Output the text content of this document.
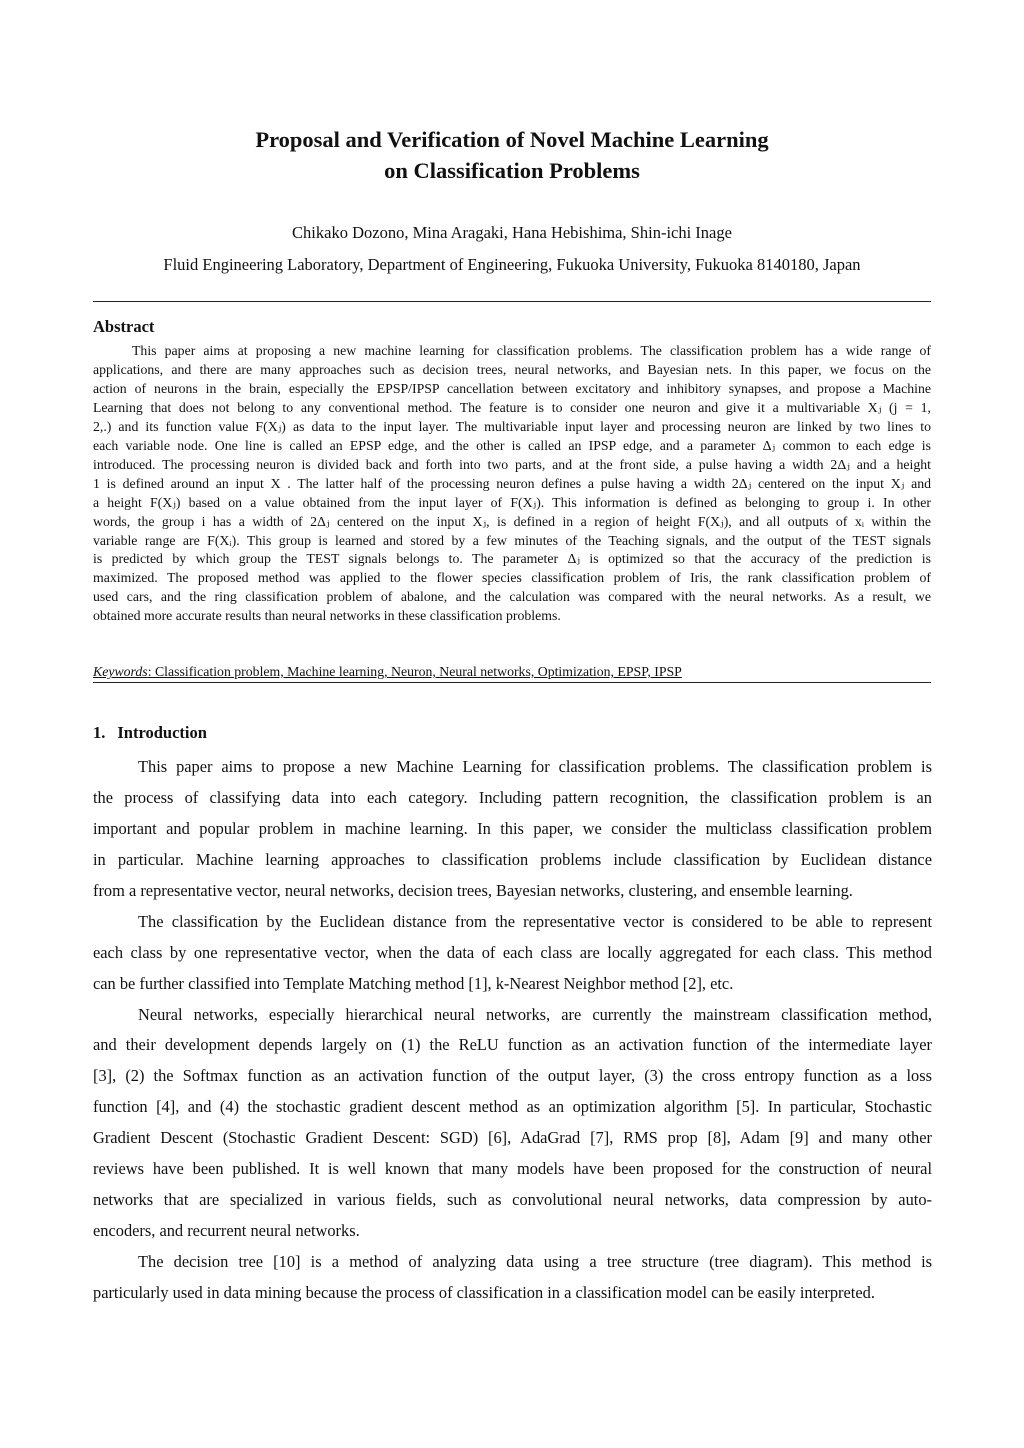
Proposal and Verification of Novel Machine Learning
on Classification Problems
Chikako Dozono, Mina Aragaki, Hana Hebishima, Shin-ichi Inage
Fluid Engineering Laboratory, Department of Engineering, Fukuoka University, Fukuoka 8140180, Japan
Abstract
This paper aims at proposing a new machine learning for classification problems. The classification problem has a wide range of
applications, and there are many approaches such as decision trees, neural networks, and Bayesian nets. In this paper, we focus on the
action of neurons in the brain, especially the EPSP/IPSP cancellation between excitatory and inhibitory synapses, and propose a Machine
Learning that does not belong to any conventional method. The feature is to consider one neuron and give it a multivariable Xⱼ (j = 1,
2,.) and its function value F(Xⱼ) as data to the input layer. The multivariable input layer and processing neuron are linked by two lines to
each variable node. One line is called an EPSP edge, and the other is called an IPSP edge, and a parameter Δⱼ common to each edge is
introduced. The processing neuron is divided back and forth into two parts, and at the front side, a pulse having a width 2Δⱼ and a height
1 is defined around an input X . The latter half of the processing neuron defines a pulse having a width 2Δⱼ centered on the input Xⱼ and
a height F(Xⱼ) based on a value obtained from the input layer of F(Xⱼ). This information is defined as belonging to group i. In other
words, the group i has a width of 2Δⱼ centered on the input Xⱼ, is defined in a region of height F(Xⱼ), and all outputs of xᵢ within the
variable range are F(Xᵢ). This group is learned and stored by a few minutes of the Teaching signals, and the output of the TEST signals
is predicted by which group the TEST signals belongs to. The parameter Δⱼ is optimized so that the accuracy of the prediction is
maximized. The proposed method was applied to the flower species classification problem of Iris, the rank classification problem of
used cars, and the ring classification problem of abalone, and the calculation was compared with the neural networks. As a result, we
obtained more accurate results than neural networks in these classification problems.
Keywords: Classification problem, Machine learning, Neuron, Neural networks, Optimization, EPSP, IPSP
1. Introduction
This paper aims to propose a new Machine Learning for classification problems. The classification problem is
the process of classifying data into each category. Including pattern recognition, the classification problem is an
important and popular problem in machine learning. In this paper, we consider the multiclass classification problem
in particular. Machine learning approaches to classification problems include classification by Euclidean distance
from a representative vector, neural networks, decision trees, Bayesian networks, clustering, and ensemble learning.
The classification by the Euclidean distance from the representative vector is considered to be able to represent
each class by one representative vector, when the data of each class are locally aggregated for each class. This method
can be further classified into Template Matching method [1], k-Nearest Neighbor method [2], etc.
Neural networks, especially hierarchical neural networks, are currently the mainstream classification method,
and their development depends largely on (1) the ReLU function as an activation function of the intermediate layer
[3], (2) the Softmax function as an activation function of the output layer, (3) the cross entropy function as a loss
function [4], and (4) the stochastic gradient descent method as an optimization algorithm [5]. In particular, Stochastic
Gradient Descent (Stochastic Gradient Descent: SGD) [6], AdaGrad [7], RMS prop [8], Adam [9] and many other
reviews have been published. It is well known that many models have been proposed for the construction of neural
networks that are specialized in various fields, such as convolutional neural networks, data compression by auto-
encoders, and recurrent neural networks.
The decision tree [10] is a method of analyzing data using a tree structure (tree diagram). This method is
particularly used in data mining because the process of classification in a classification model can be easily interpreted.
